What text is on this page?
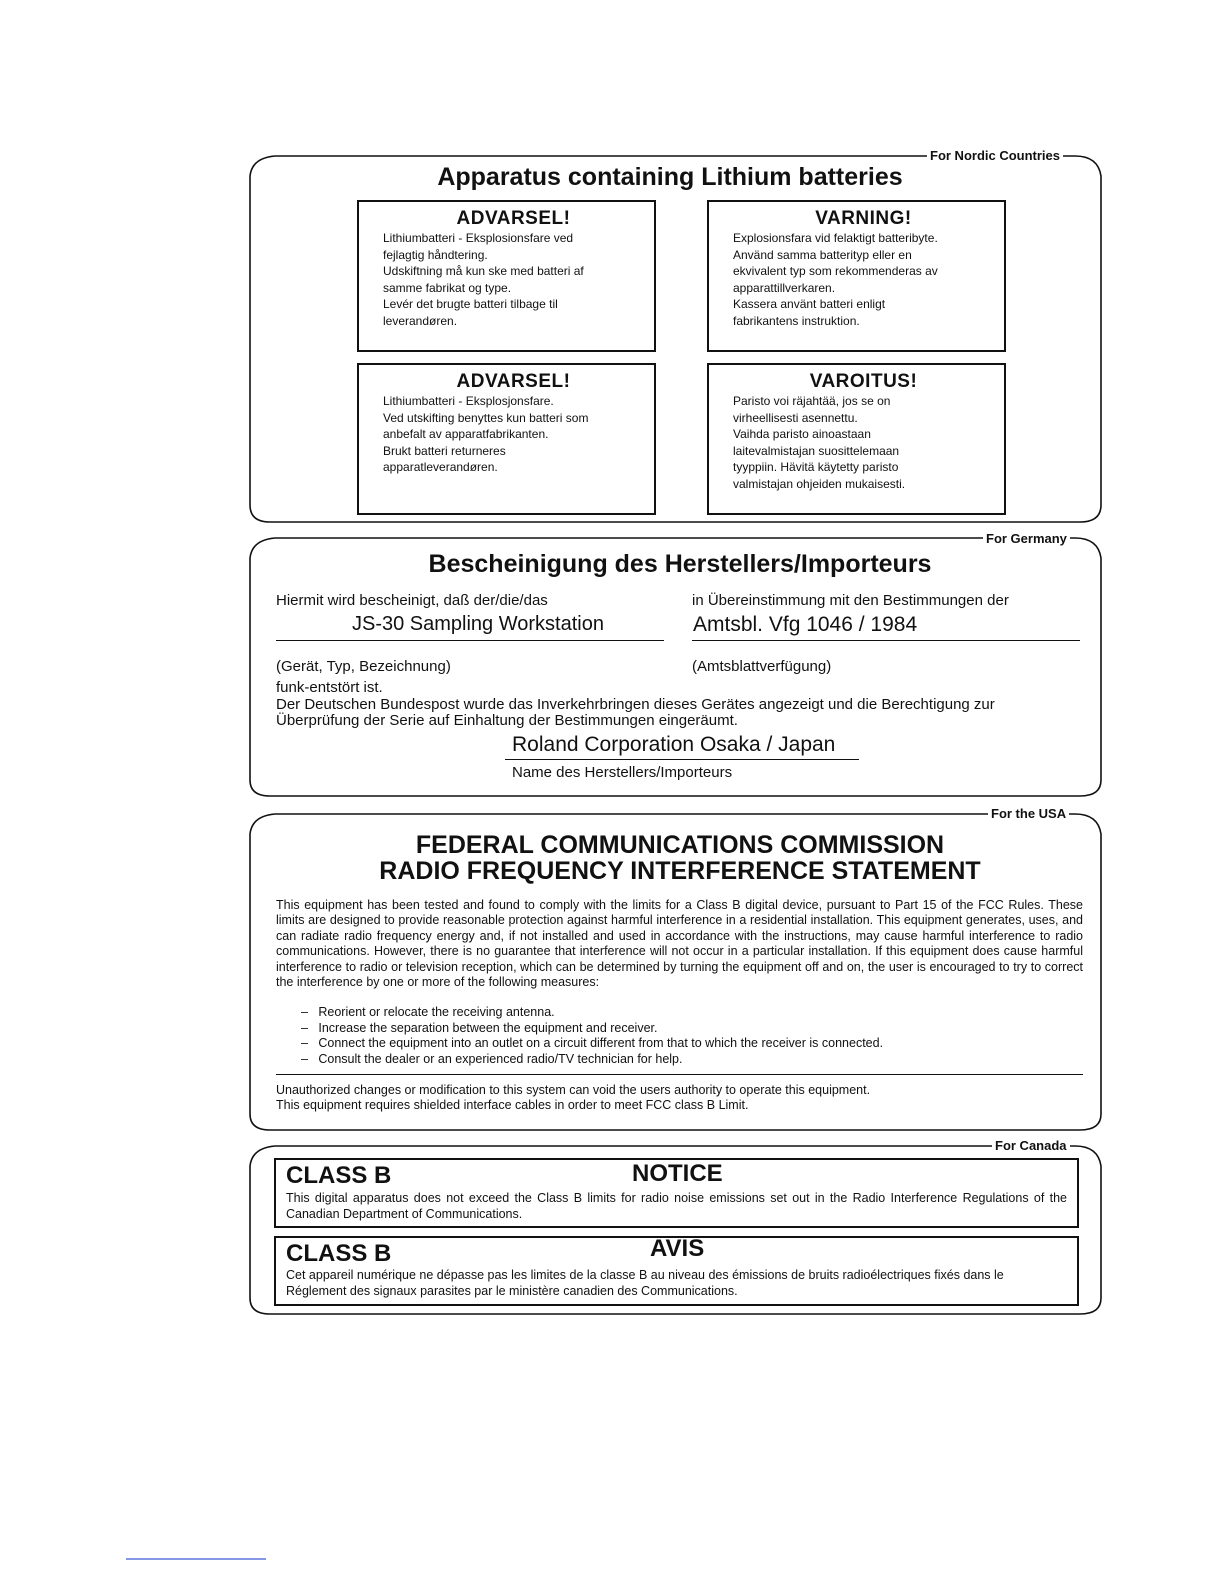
For Nordic Countries
Apparatus containing Lithium batteries
ADVARSEL!
Lithiumbatteri - Eksplosionsfare ved
fejlagtig håndtering.
Udskiftning må kun ske med batteri af
samme fabrikat og type.
Levér det brugte batteri tilbage til
leverandøren.
VARNING!
Explosionsfara vid felaktigt batteribyte.
Använd samma batterityp eller en
ekvivalent typ som rekommenderas av
apparattillverkaren.
Kassera använt batteri enligt
fabrikantens instruktion.
ADVARSEL!
Lithiumbatteri - Eksplosjonsfare.
Ved utskifting benyttes kun batteri som
anbefalt av apparatfabrikanten.
Brukt batteri returneres
apparatleverandøren.
VAROITUS!
Paristo voi räjahtää, jos se on
virheellisesti asennettu.
Vaihda paristo ainoastaan
laitevalmistajan suosittelemaan
tyyppiin. Hävitä käytetty paristo
valmistajan ohjeiden mukaisesti.
For Germany
Bescheinigung des Herstellers/Importeurs
Hiermit wird bescheinigt, daß der/die/das
JS-30 Sampling Workstation
(Gerät, Typ, Bezeichnung)
in Übereinstimmung mit den Bestimmungen der
Amtsbl. Vfg 1046 / 1984
(Amtsblattverfügung)
funk-entstört ist.
Der Deutschen Bundespost wurde das Inverkehrbringen dieses Gerätes angezeigt und die Berechtigung zur
Überprüfung der Serie auf Einhaltung der Bestimmungen eingeräumt.
Roland Corporation Osaka / Japan
Name des Herstellers/Importeurs
For the USA
FEDERAL COMMUNICATIONS COMMISSION
RADIO FREQUENCY INTERFERENCE STATEMENT
This equipment has been tested and found to comply with the limits for a Class B digital device, pursuant to Part 15 of the FCC Rules. These limits are designed to provide reasonable protection against harmful interference in a residential installation. This equipment generates, uses, and can radiate radio frequency energy and, if not installed and used in accordance with the instructions, may cause harmful interference to radio communications. However, there is no guarantee that interference will not occur in a particular installation. If this equipment does cause harmful interference to radio or television reception, which can be determined by turning the equipment off and on, the user is encouraged to try to correct the interference by one or more of the following measures:
–   Reorient or relocate the receiving antenna.
–   Increase the separation between the equipment and receiver.
–   Connect the equipment into an outlet on a circuit different from that to which the receiver is connected.
–   Consult the dealer or an experienced radio/TV technician for help.
Unauthorized changes or modification to this system can void the users authority to operate this equipment.
This equipment requires shielded interface cables in order to meet FCC class B Limit.
For Canada
CLASS B	NOTICE
This digital apparatus does not exceed the Class B limits for radio noise emissions set out in the Radio Interference Regulations of the Canadian Department of Communications.
CLASS B	AVIS
Cet appareil numérique ne dépasse pas les limites de la classe B au niveau des émissions de bruits radioélectriques fixés dans le Réglement des signaux parasites par le ministère canadien des Communications.
